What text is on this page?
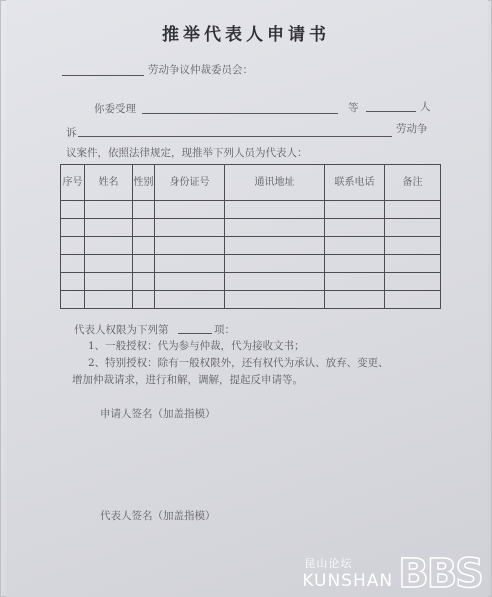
推举代表人申请书
劳动争议仲裁委员会：
你委受理	等	人
诉	劳动争
议案件，依照法律规定，现推举下列人员为代表人：
序号	姓名	性别	身份证号	通讯地址	联系电话	备注

代表人权限为下列第	项：
1、一般授权：代为参与仲裁，代为接收文书；
2、特别授权：除有一般权限外，还有权代为承认、放弃、变更、
增加仲裁请求，进行和解，调解，提起反申请等。
申请人签名（加盖指模）
代表人签名（加盖指模）
昆山论坛
KUNSHAN BBS
